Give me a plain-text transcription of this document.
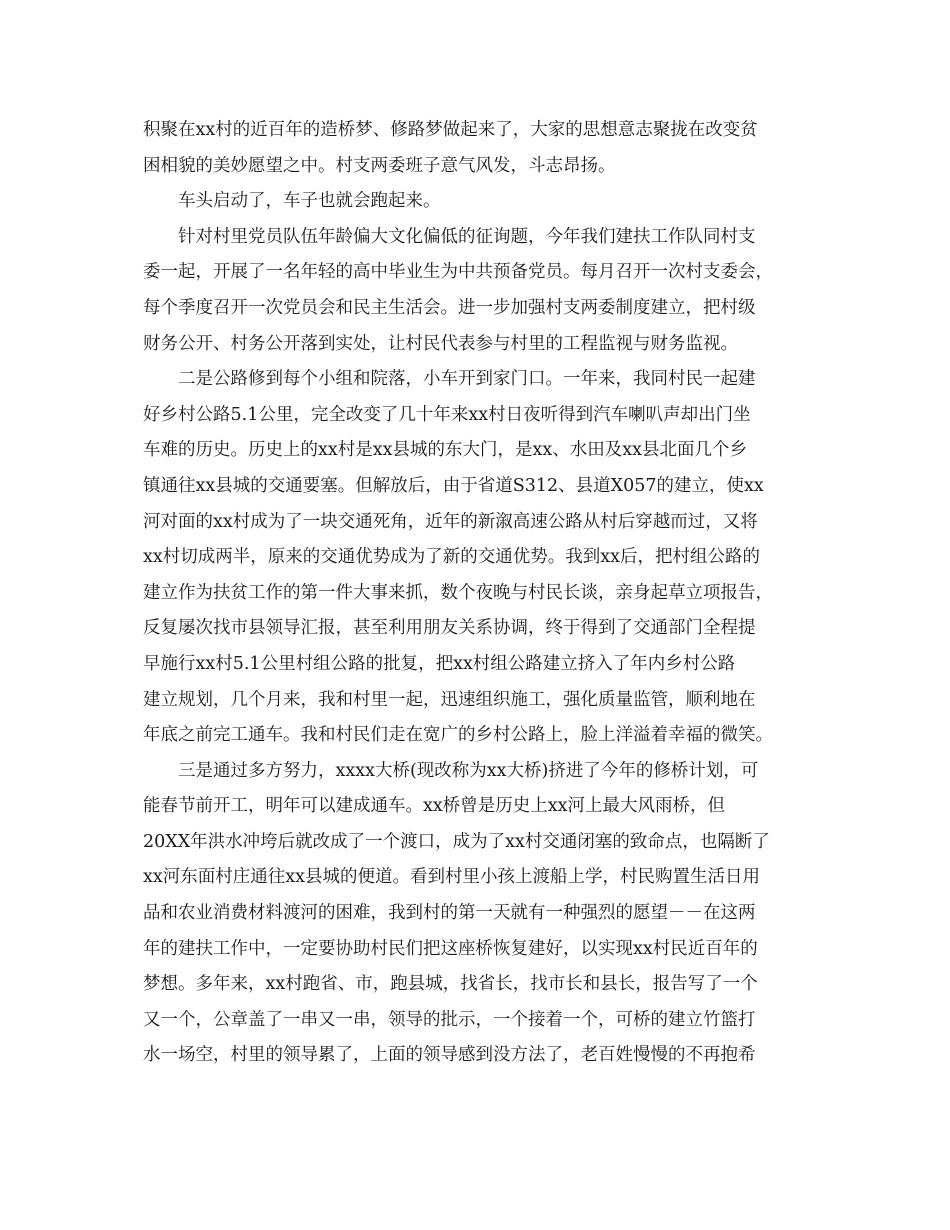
积聚在xx村的近百年的造桥梦、修路梦做起来了，大家的思想意志聚拢在改变贫
困相貌的美妙愿望之中。村支两委班子意气风发，斗志昂扬。
车头启动了，车子也就会跑起来。
针对村里党员队伍年龄偏大文化偏低的征询题，今年我们建扶工作队同村支
委一起，开展了一名年轻的高中毕业生为中共预备党员。每月召开一次村支委会，
每个季度召开一次党员会和民主生活会。进一步加强村支两委制度建立，把村级
财务公开、村务公开落到实处，让村民代表参与村里的工程监视与财务监视。
二是公路修到每个小组和院落，小车开到家门口。一年来，我同村民一起建
好乡村公路5.1公里，完全改变了几十年来xx村日夜听得到汽车喇叭声却出门坐
车难的历史。历史上的xx村是xx县城的东大门，是xx、水田及xx县北面几个乡
镇通往xx县城的交通要塞。但解放后，由于省道S312、县道X057的建立，使xx
河对面的xx村成为了一块交通死角，近年的新溆高速公路从村后穿越而过，又将
xx村切成两半，原来的交通优势成为了新的交通优势。我到xx后，把村组公路的
建立作为扶贫工作的第一件大事来抓，数个夜晚与村民长谈，亲身起草立项报告，
反复屡次找市县领导汇报，甚至利用朋友关系协调，终于得到了交通部门全程提
早施行xx村5.1公里村组公路的批复，把xx村组公路建立挤入了年内乡村公路
建立规划，几个月来，我和村里一起，迅速组织施工，强化质量监管，顺利地在
年底之前完工通车。我和村民们走在宽广的乡村公路上，脸上洋溢着幸福的微笑。
三是通过多方努力，xxxx大桥(现改称为xx大桥)挤进了今年的修桥计划，可
能春节前开工，明年可以建成通车。xx桥曾是历史上xx河上最大风雨桥，但
20XX年洪水冲垮后就改成了一个渡口，成为了xx村交通闭塞的致命点，也隔断了
xx河东面村庄通往xx县城的便道。看到村里小孩上渡船上学，村民购置生活日用
品和农业消费材料渡河的困难，我到村的第一天就有一种强烈的愿望－－在这两
年的建扶工作中，一定要协助村民们把这座桥恢复建好，以实现xx村民近百年的
梦想。多年来，xx村跑省、市，跑县城，找省长，找市长和县长，报告写了一个
又一个，公章盖了一串又一串，领导的批示，一个接着一个，可桥的建立竹篮打
水一场空，村里的领导累了，上面的领导感到没方法了，老百姓慢慢的不再抱希
